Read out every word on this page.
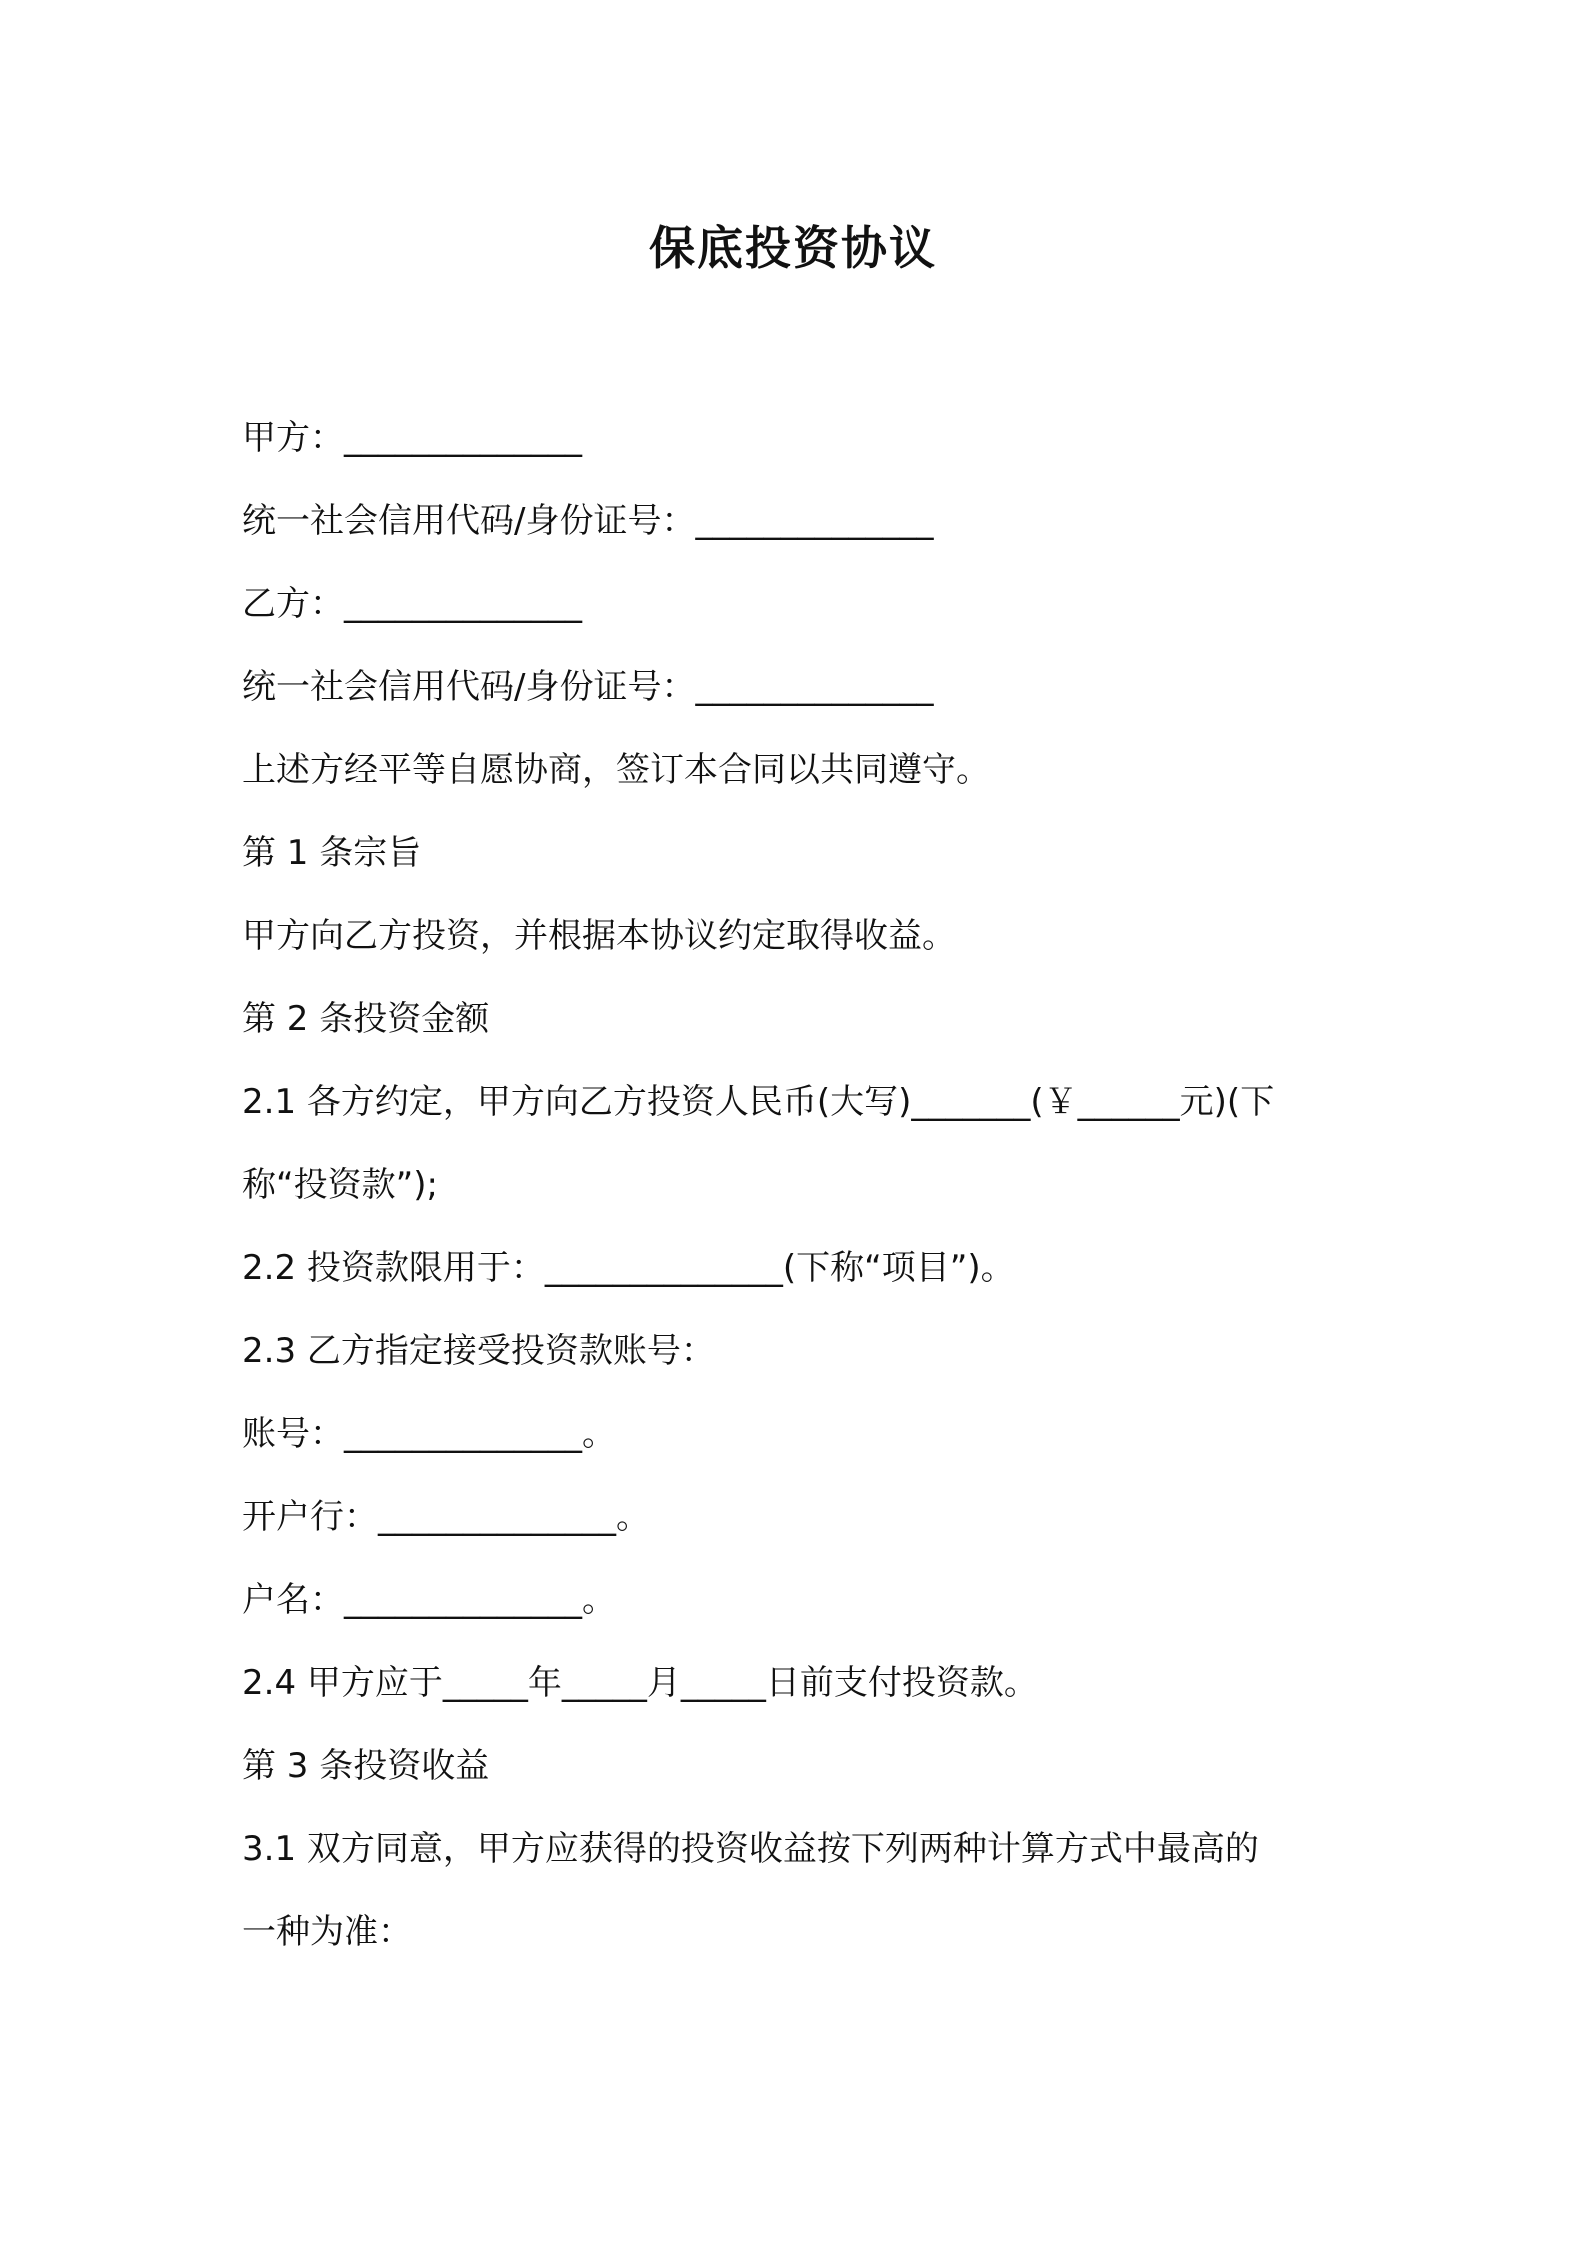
保底投资协议
甲方：______________
统一社会信用代码/身份证号：______________
乙方：______________
统一社会信用代码/身份证号：______________
上述方经平等自愿协商，签订本合同以共同遵守。
第 1 条宗旨
甲方向乙方投资，并根据本协议约定取得收益。
第 2 条投资金额
2.1 各方约定，甲方向乙方投资人民币(大写)_______(￥______元)(下
称“投资款”);
2.2 投资款限用于：______________(下称“项目”)。
2.3 乙方指定接受投资款账号：
账号：______________。
开户行：______________。
户名：______________。
2.4 甲方应于_____年_____月_____日前支付投资款。
第 3 条投资收益
3.1 双方同意，甲方应获得的投资收益按下列两种计算方式中最高的
一种为准：
